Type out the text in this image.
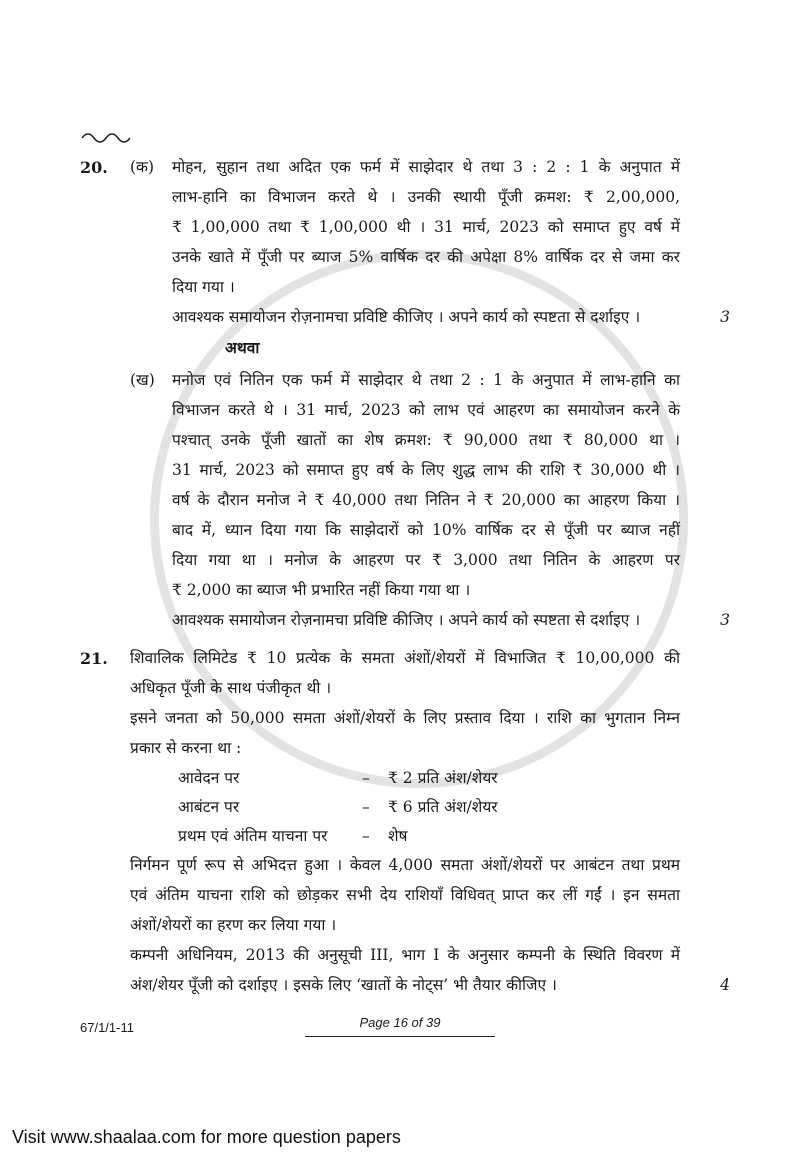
20.	(क)	मोहन, सुहान तथा अदित एक फर्म में साझेदार थे तथा 3 : 2 : 1 के अनुपात में
लाभ-हानि का विभाजन करते थे । उनकी स्थायी पूँजी क्रमश: ₹ 2,00,000,
₹ 1,00,000 तथा ₹ 1,00,000 थी । 31 मार्च, 2023 को समाप्त हुए वर्ष में
उनके खाते में पूँजी पर ब्याज 5% वार्षिक दर की अपेक्षा 8% वार्षिक दर से जमा कर
दिया गया ।
आवश्यक समायोजन रोज़नामचा प्रविष्टि कीजिए । अपने कार्य को स्पष्टता से दर्शाइए ।	3
अथवा
(ख)	मनोज एवं नितिन एक फर्म में साझेदार थे तथा 2 : 1 के अनुपात में लाभ-हानि का
विभाजन करते थे । 31 मार्च, 2023 को लाभ एवं आहरण का समायोजन करने के
पश्चात् उनके पूँजी खातों का शेष क्रमश: ₹ 90,000 तथा ₹ 80,000 था ।
31 मार्च, 2023 को समाप्त हुए वर्ष के लिए शुद्ध लाभ की राशि ₹ 30,000 थी ।
वर्ष के दौरान मनोज ने ₹ 40,000 तथा नितिन ने ₹ 20,000 का आहरण किया ।
बाद में, ध्यान दिया गया कि साझेदारों को 10% वार्षिक दर से पूँजी पर ब्याज नहीं
दिया गया था । मनोज के आहरण पर ₹ 3,000 तथा नितिन के आहरण पर
₹ 2,000 का ब्याज भी प्रभारित नहीं किया गया था ।
आवश्यक समायोजन रोज़नामचा प्रविष्टि कीजिए । अपने कार्य को स्पष्टता से दर्शाइए ।	3
21.	शिवालिक लिमिटेड ₹ 10 प्रत्येक के समता अंशों/शेयरों में विभाजित ₹ 10,00,000 की
अधिकृत पूँजी के साथ पंजीकृत थी ।
इसने जनता को 50,000 समता अंशों/शेयरों के लिए प्रस्ताव दिया । राशि का भुगतान निम्न
प्रकार से करना था :
आवेदन पर	–	₹ 2 प्रति अंश/शेयर
आबंटन पर	–	₹ 6 प्रति अंश/शेयर
प्रथम एवं अंतिम याचना पर	–	शेष
निर्गमन पूर्ण रूप से अभिदत्त हुआ । केवल 4,000 समता अंशों/शेयरों पर आबंटन तथा प्रथम
एवं अंतिम याचना राशि को छोड़कर सभी देय राशियाँ विधिवत् प्राप्त कर लीं गईं । इन समता
अंशों/शेयरों का हरण कर लिया गया ।
कम्पनी अधिनियम, 2013 की अनुसूची III, भाग I के अनुसार कम्पनी के स्थिति विवरण में
अंश/शेयर पूँजी को दर्शाइए । इसके लिए ‘खातों के नोट्स’ भी तैयार कीजिए ।	4
67/1/1-11	Page 16 of 39
Visit www.shaalaa.com for more question papers
